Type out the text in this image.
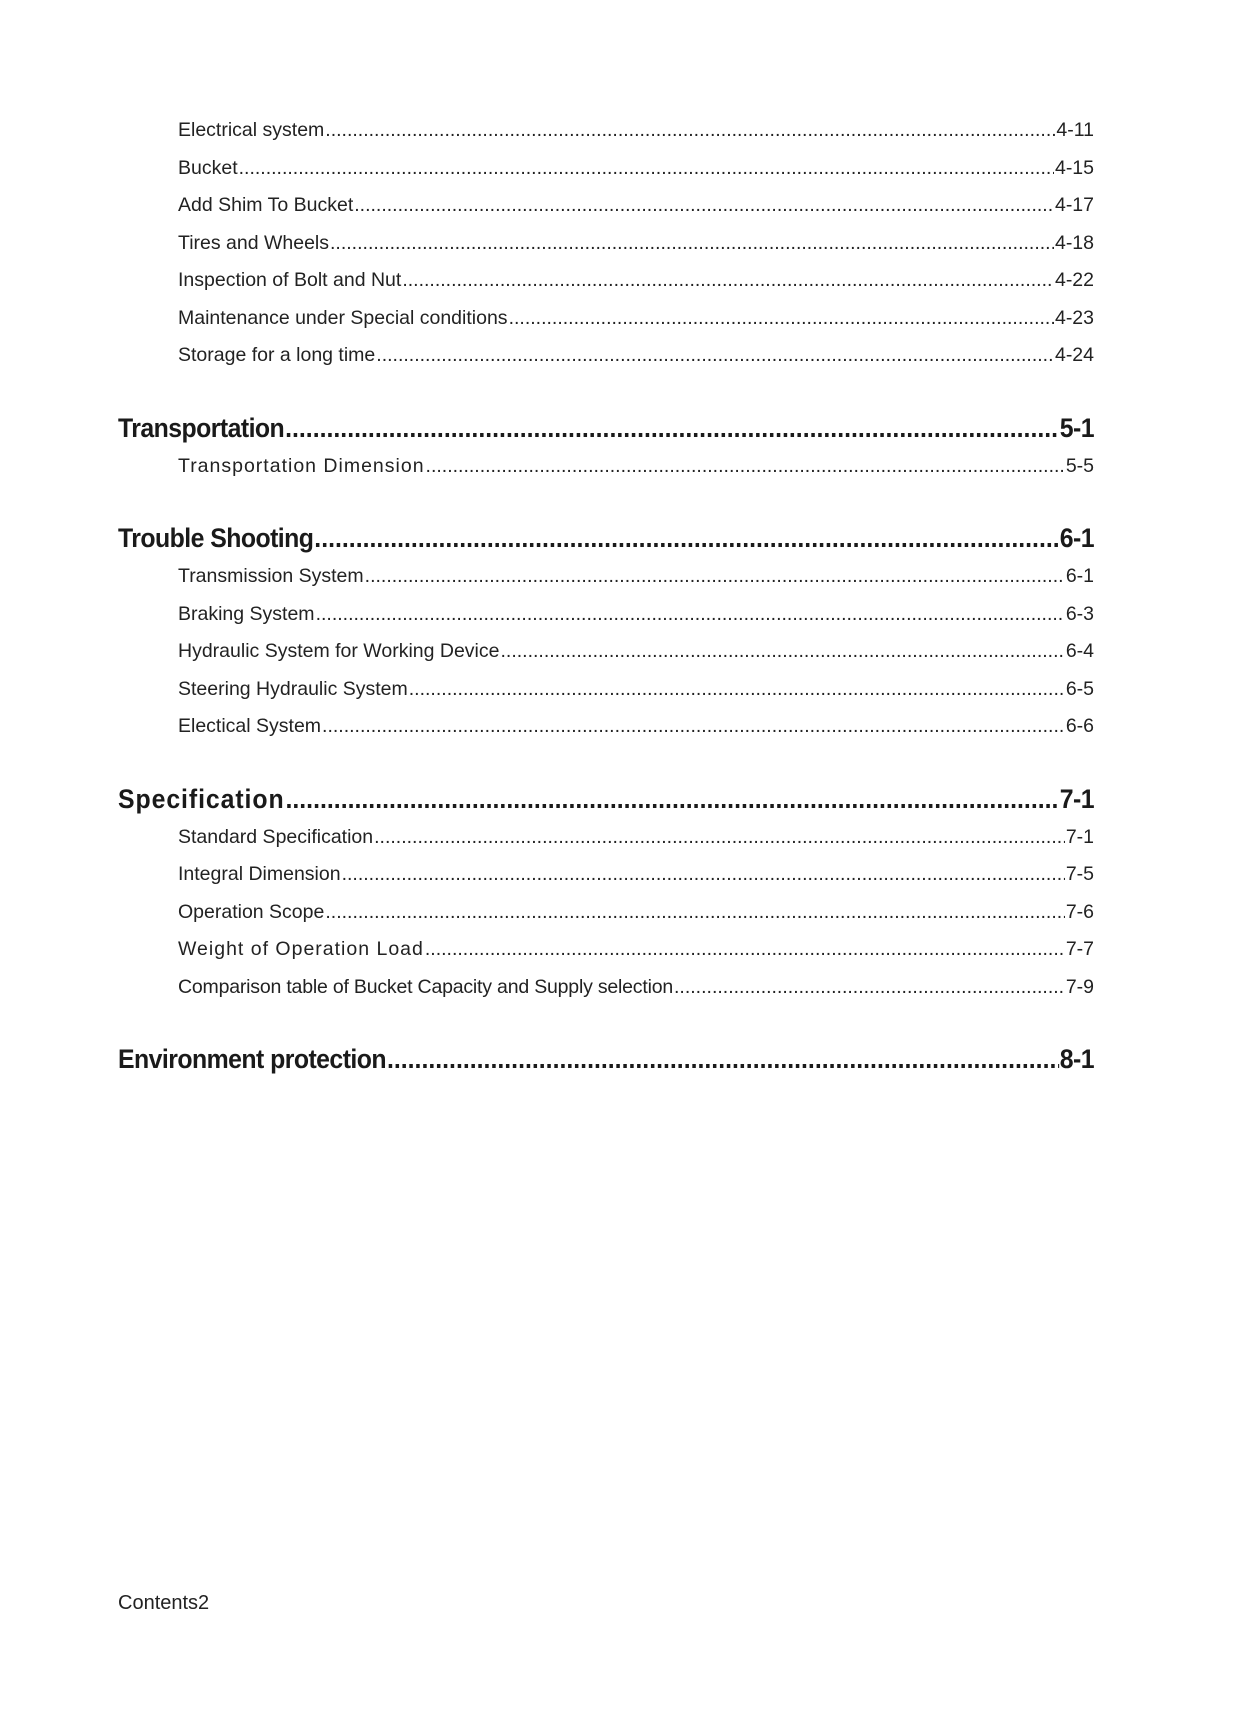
Electrical system .....	4-11
Bucket .....	4-15
Add Shim To Bucket .....	4-17
Tires and Wheels .....	4-18
Inspection of Bolt and Nut .....	4-22
Maintenance under Special conditions .....	4-23
Storage for a long time .....	4-24
Transportation .....	5-1
Transportation Dimension .....	5-5
Trouble Shooting .....	6-1
Transmission System .....	6-1
Braking System .....	6-3
Hydraulic System for Working Device .....	6-4
Steering Hydraulic System .....	6-5
Electical System .....	6-6
Specification .....	7-1
Standard Specification .....	7-1
Integral Dimension .....	7-5
Operation Scope .....	7-6
Weight of Operation Load .....	7-7
Comparison table of Bucket Capacity and Supply selection .....	7-9
Environment protection .....	8-1
Contents2
